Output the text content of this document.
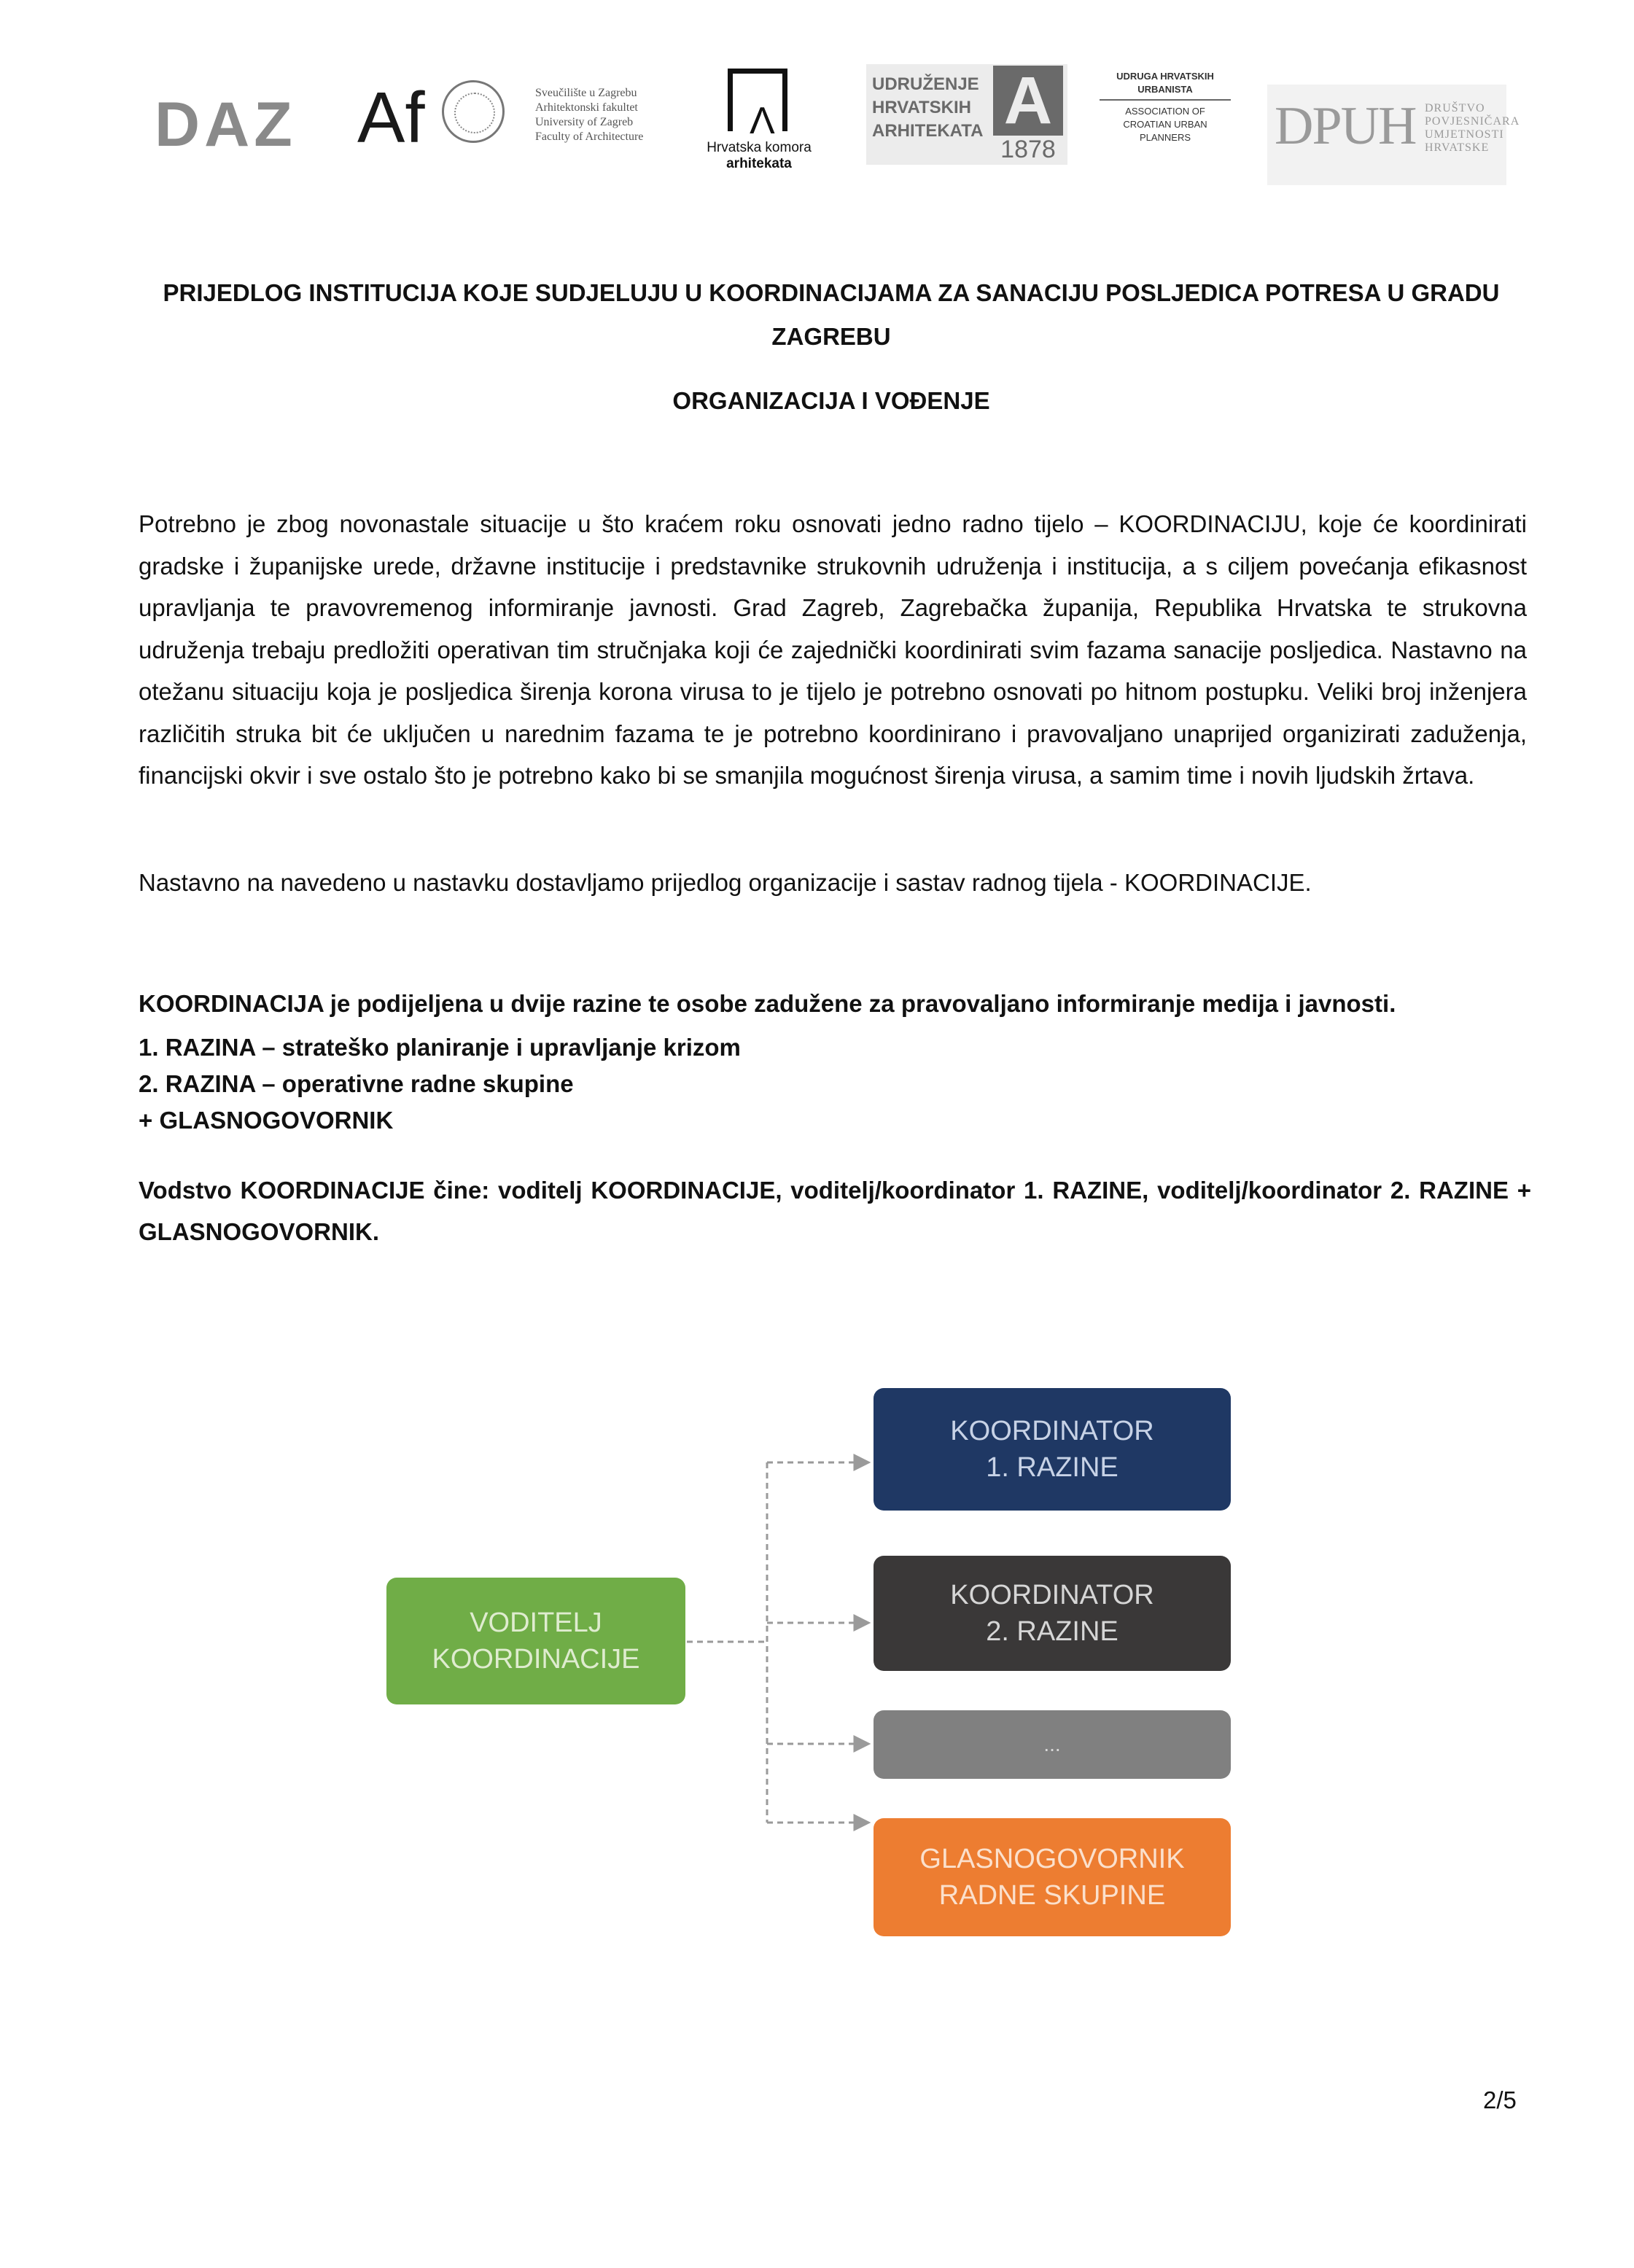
DAZ Af	Sveučilište u Zagrebu
Arhitektonski fakultet
University of Zagreb
Faculty of Architecture	Λ
Hrvatska komora
arhitekata
UDRUŽENJE
HRVATSKIH
ARHITEKATA A
1878
UDRUGA HRVATSKIH
URBANISTA
ASSOCIATION OF
CROATIAN URBAN
PLANNERS	DPUH DRUŠTVO
POVJESNIČARA
UMJETNOSTI
HRVATSKE
PRIJEDLOG INSTITUCIJA KOJE SUDJELUJU U KOORDINACIJAMA ZA SANACIJU POSLJEDICA POTRESA U GRADU ZAGREBU
ORGANIZACIJA I VOĐENJE
Potrebno je zbog novonastale situacije u što kraćem roku osnovati jedno radno tijelo – KOORDINACIJU, koje će koordinirati gradske i županijske urede, državne institucije i predstavnike strukovnih udruženja i institucija, a s ciljem povećanja efikasnost upravljanja te pravovremenog informiranje javnosti. Grad Zagreb, Zagrebačka županija, Republika Hrvatska te strukovna udruženja trebaju predložiti operativan tim stručnjaka koji će zajednički koordinirati svim fazama sanacije posljedica. Nastavno na otežanu situaciju koja je posljedica širenja korona virusa to je tijelo je potrebno osnovati po hitnom postupku. Veliki broj inženjera različitih struka bit će uključen u narednim fazama te je potrebno koordinirano i pravovaljano unaprijed organizirati zaduženja, financijski okvir i sve ostalo što je potrebno kako bi se smanjila mogućnost širenja virusa, a samim time i novih ljudskih žrtava.
Nastavno na navedeno u nastavku dostavljamo prijedlog organizacije i sastav radnog tijela - KOORDINACIJE.
KOORDINACIJA je podijeljena u dvije razine te osobe zadužene za pravovaljano informiranje medija i javnosti.
1. RAZINA – strateško planiranje i upravljanje krizom
2. RAZINA – operativne radne skupine
+ GLASNOGOVORNIK
Vodstvo KOORDINACIJE čine: voditelj KOORDINACIJE, voditelj/koordinator 1. RAZINE, voditelj/koordinator 2. RAZINE + GLASNOGOVORNIK.
VODITELJ
KOORDINACIJE
KOORDINATOR
1. RAZINE
KOORDINATOR
2. RAZINE
...
GLASNOGOVORNIK
RADNE SKUPINE
2/5
